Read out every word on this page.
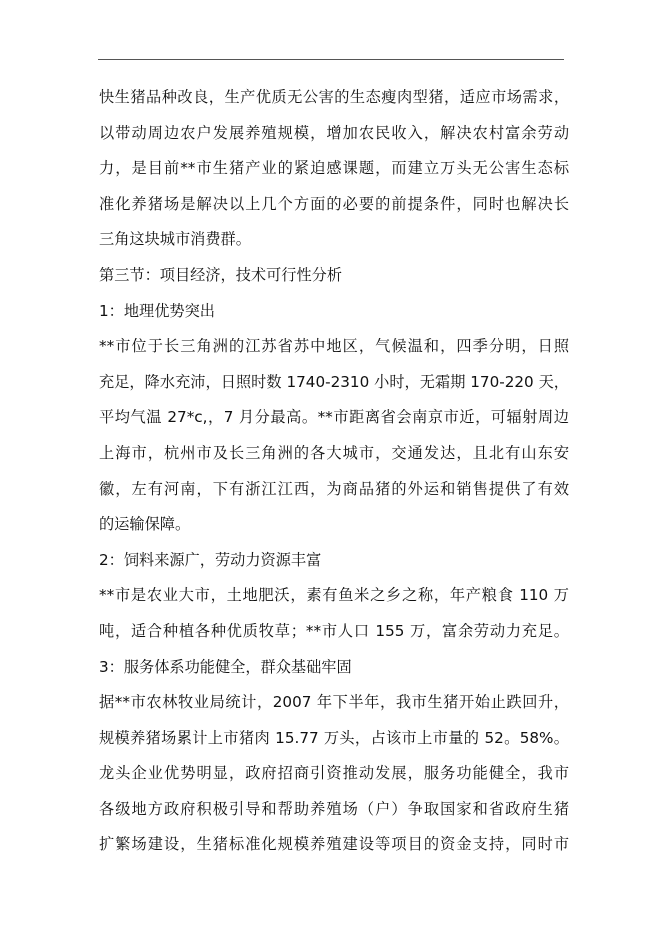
快生猪品种改良，生产优质无公害的生态瘦肉型猪，适应市场需求，
以带动周边农户发展养殖规模，增加农民收入，解决农村富余劳动
力，是目前**市生猪产业的紧迫感课题，而建立万头无公害生态标
准化养猪场是解决以上几个方面的必要的前提条件，同时也解决长
三角这块城市消费群。
第三节：项目经济，技术可行性分析
1：地理优势突出
**市位于长三角洲的江苏省苏中地区，气候温和，四季分明，日照
充足，降水充沛，日照时数 1740-2310 小时，无霜期 170-220 天，
平均气温 27*c,，7 月分最高。**市距离省会南京市近，可辐射周边
上海市，杭州市及长三角洲的各大城市，交通发达，且北有山东安
徽，左有河南，下有浙江江西，为商品猪的外运和销售提供了有效
的运输保障。
2：饲料来源广，劳动力资源丰富
**市是农业大市，土地肥沃，素有鱼米之乡之称，年产粮食 110 万
吨，适合种植各种优质牧草；**市人口 155 万，富余劳动力充足。
3：服务体系功能健全，群众基础牢固
据**市农林牧业局统计，2007 年下半年，我市生猪开始止跌回升，
规模养猪场累计上市猪肉 15.77 万头，占该市上市量的 52。58%。
龙头企业优势明显，政府招商引资推动发展，服务功能健全，我市
各级地方政府积极引导和帮助养殖场（户）争取国家和省政府生猪
扩繁场建设，生猪标准化规模养殖建设等项目的资金支持，同时市
